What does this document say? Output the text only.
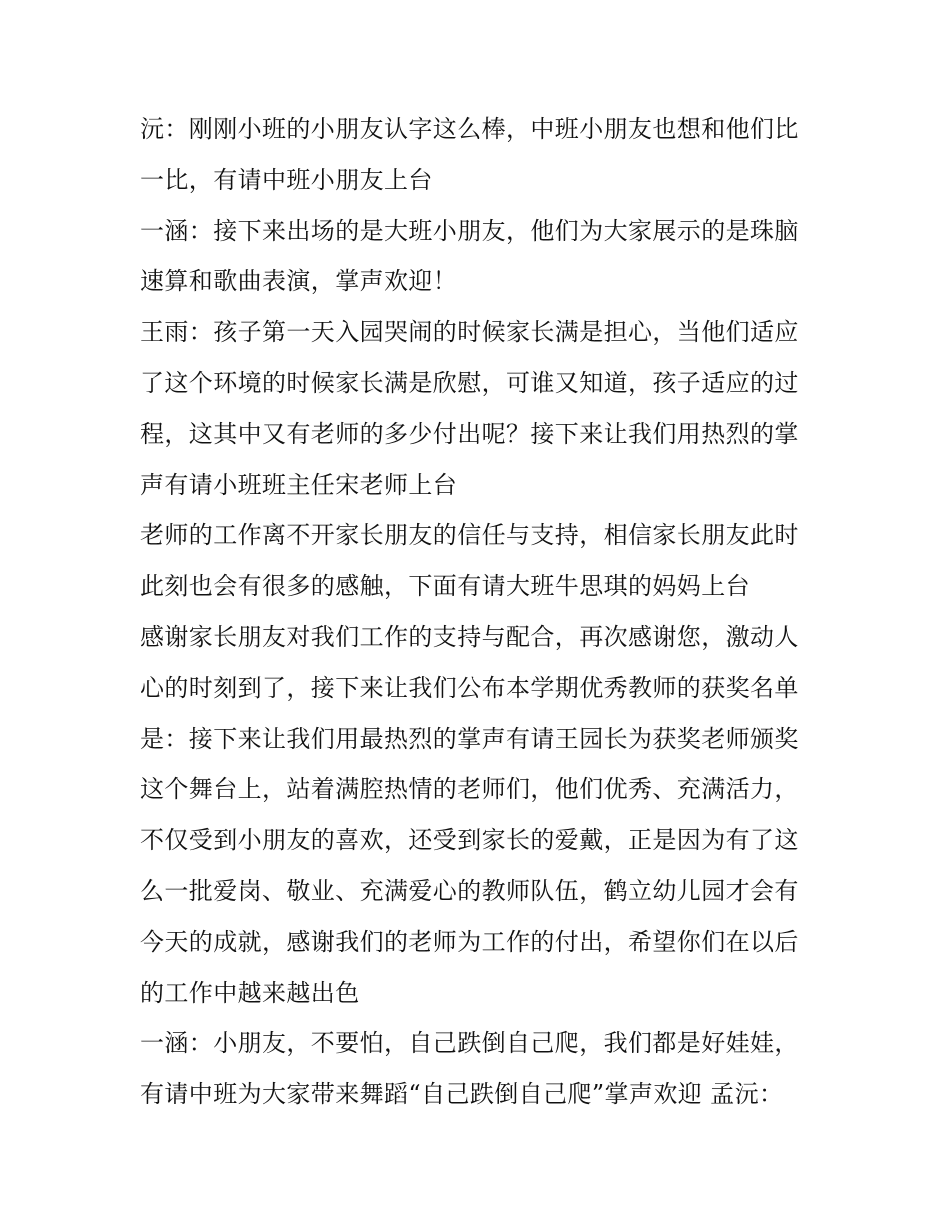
沅：刚刚小班的小朋友认字这么棒，中班小朋友也想和他们比
一比，有请中班小朋友上台
一涵：接下来出场的是大班小朋友，他们为大家展示的是珠脑
速算和歌曲表演，掌声欢迎！
王雨：孩子第一天入园哭闹的时候家长满是担心，当他们适应
了这个环境的时候家长满是欣慰，可谁又知道，孩子适应的过
程，这其中又有老师的多少付出呢？接下来让我们用热烈的掌
声有请小班班主任宋老师上台
老师的工作离不开家长朋友的信任与支持，相信家长朋友此时
此刻也会有很多的感触，下面有请大班牛思琪的妈妈上台
感谢家长朋友对我们工作的支持与配合，再次感谢您，激动人
心的时刻到了，接下来让我们公布本学期优秀教师的获奖名单
是：接下来让我们用最热烈的掌声有请王园长为获奖老师颁奖
这个舞台上，站着满腔热情的老师们，他们优秀、充满活力，
不仅受到小朋友的喜欢，还受到家长的爱戴，正是因为有了这
么一批爱岗、敬业、充满爱心的教师队伍，鹤立幼儿园才会有
今天的成就，感谢我们的老师为工作的付出，希望你们在以后
的工作中越来越出色
一涵：小朋友，不要怕，自己跌倒自己爬，我们都是好娃娃，
有请中班为大家带来舞蹈“自己跌倒自己爬”掌声欢迎 孟沅：
